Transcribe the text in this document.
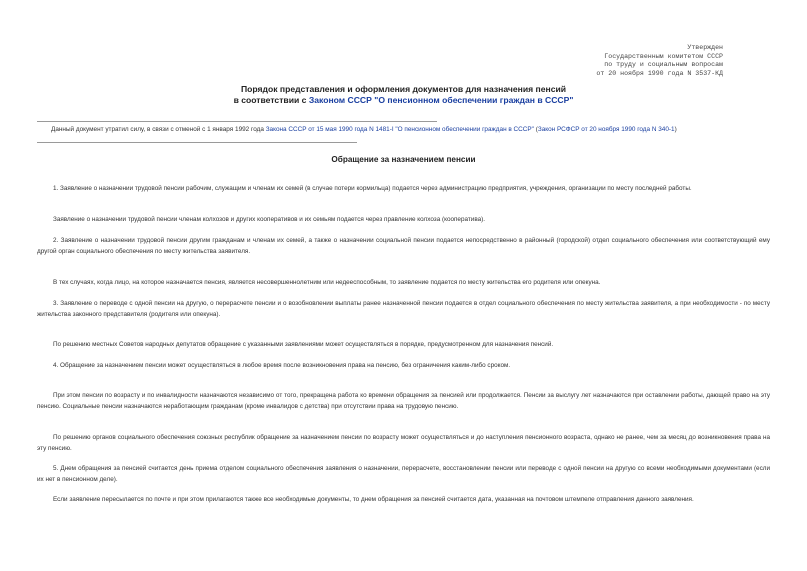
Утвержден
Государственным комитетом СССР
по труду и социальным вопросам
от 20 ноября 1990 года N 3537-КД
Порядок представления и оформления документов для назначения пенсий
в соответствии с Законом СССР "О пенсионном обеспечении граждан в СССР"
Данный документ утратил силу, в связи с отменой с 1 января 1992 года Закона СССР от 15 мая 1990 года N 1481-I "О пенсионном обеспечении граждан в СССР" (Закон РСФСР от 20 ноября 1990 года N 340-1)
Обращение за назначением пенсии
1. Заявление о назначении трудовой пенсии рабочим, служащим и членам их семей (в случае потери кормильца) подается через администрацию предприятия, учреждения, организации по месту последней работы.
Заявление о назначении трудовой пенсии членам колхозов и других кооперативов и их семьям подается через правление колхоза (кооператива).
2. Заявление о назначении трудовой пенсии другим гражданам и членам их семей, а также о назначении социальной пенсии подается непосредственно в районный (городской) отдел социального обеспечения или соответствующий ему другой орган социального обеспечения по месту жительства заявителя.
В тех случаях, когда лицо, на которое назначается пенсия, является несовершеннолетним или недееспособным, то заявление подается по месту жительства его родителя или опекуна.
3. Заявление о переводе с одной пенсии на другую, о перерасчете пенсии и о возобновлении выплаты ранее назначенной пенсии подается в отдел социального обеспечения по месту жительства заявителя, а при необходимости - по месту жительства законного представителя (родителя или опекуна).
По решению местных Советов народных депутатов обращение с указанными заявлениями может осуществляться в порядке, предусмотренном для назначения пенсий.
4. Обращение за назначением пенсии может осуществляться в любое время после возникновения права на пенсию, без ограничения каким-либо сроком.
При этом пенсии по возрасту и по инвалидности назначаются независимо от того, прекращена работа ко времени обращения за пенсией или продолжается. Пенсии за выслугу лет назначаются при оставлении работы, дающей право на эту пенсию. Социальные пенсии назначаются неработающим гражданам (кроме инвалидов с детства) при отсутствии права на трудовую пенсию.
По решению органов социального обеспечения союзных республик обращение за назначением пенсии по возрасту может осуществляться и до наступления пенсионного возраста, однако не ранее, чем за месяц до возникновения права на эту пенсию.
5. Днем обращения за пенсией считается день приема отделом социального обеспечения заявления о назначении, перерасчете, восстановлении пенсии или переводе с одной пенсии на другую со всеми необходимыми документами (если их нет в пенсионном деле).
Если заявление пересылается по почте и при этом прилагаются также все необходимые документы, то днем обращения за пенсией считается дата, указанная на почтовом штемпеле отправления данного заявления.
